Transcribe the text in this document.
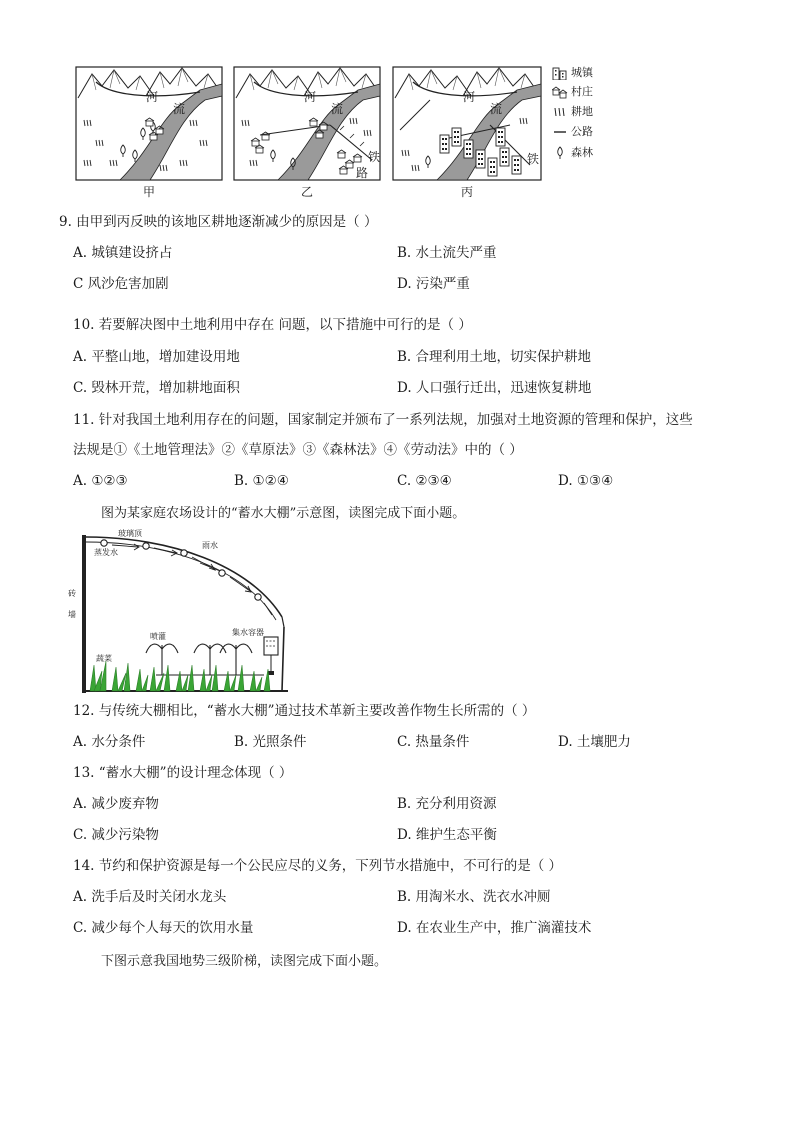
河
流
河
流
铁
路
河
流
铁
甲	乙	丙
城镇
村庄
耕地
公路
森林
9. 由甲到丙反映的该地区耕地逐渐减少的原因是（ ）
A. 城镇建设挤占	B. 水土流失严重
C 风沙危害加剧	D. 污染严重
10. 若要解决图中土地利用中存在 问题，以下措施中可行的是（ ）
A. 平整山地，增加建设用地	B. 合理利用土地，切实保护耕地
C. 毁林开荒，增加耕地面积	D. 人口强行迁出，迅速恢复耕地
11. 针对我国土地利用存在的问题，国家制定并颁布了一系列法规，加强对土地资源的管理和保护，这些
法规是①《土地管理法》②《草原法》③《森林法》④《劳动法》中的（ ）
A. ①②③	B. ①②④	C. ②③④	D. ①③④
图为某家庭农场设计的“蓄水大棚”示意图，读图完成下面小题。
玻璃顶
蒸发水
雨水
砖
墙
喷灌	集水容器
蔬菜
12. 与传统大棚相比，“蓄水大棚”通过技术革新主要改善作物生长所需的（ ）
A. 水分条件	B. 光照条件	C. 热量条件	D. 土壤肥力
13. “蓄水大棚”的设计理念体现（ ）
A. 减少废弃物	B. 充分利用资源
C. 减少污染物	D. 维护生态平衡
14. 节约和保护资源是每一个公民应尽的义务，下列节水措施中，不可行的是（ ）
A. 洗手后及时关闭水龙头	B. 用淘米水、洗衣水冲厕
C. 减少每个人每天的饮用水量	D. 在农业生产中，推广滴灌技术
下图示意我国地势三级阶梯，读图完成下面小题。
